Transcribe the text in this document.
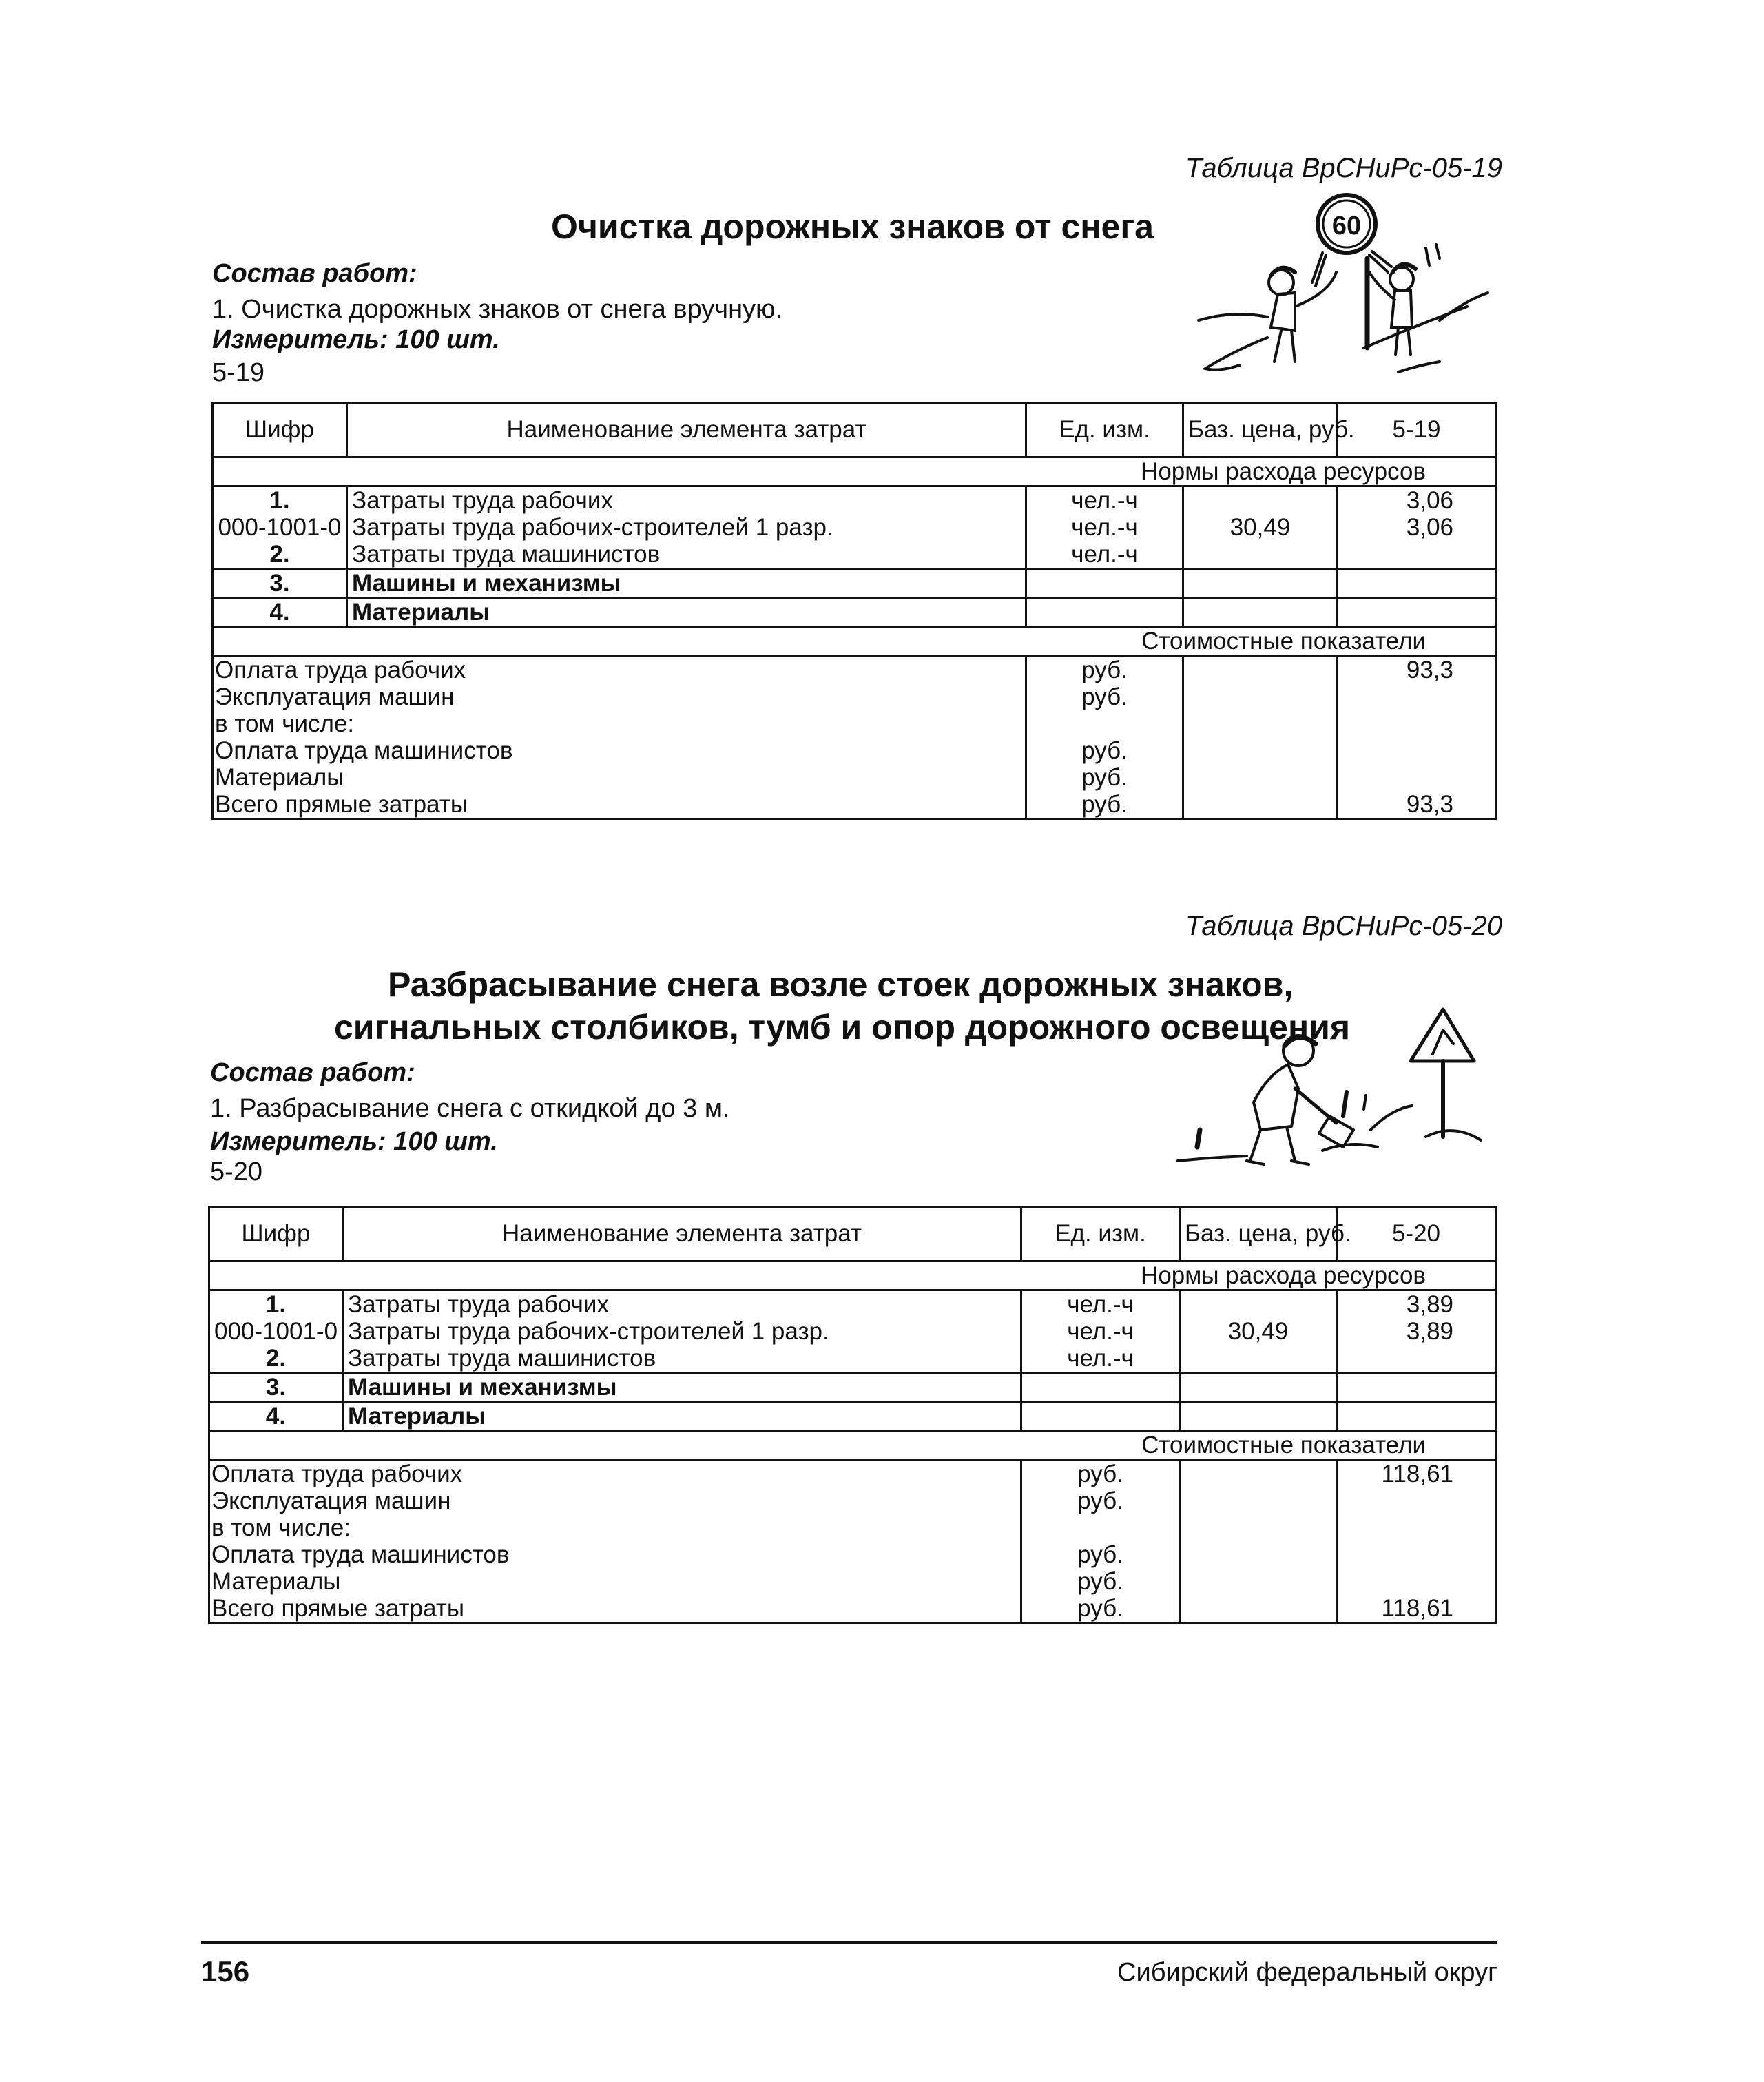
Таблица ВрСНиРс-05-19
Очистка дорожных знаков от снега
Состав работ:
1. Очистка дорожных знаков от снега вручную.
Измеритель: 100 шт.
5-19
60
Шифр	Наименование элемента затрат	Ед. изм.	Баз. цена, руб.	5-19
Нормы расхода ресурсов				
1.	Затраты труда рабочих	чел.-ч		3,06
000-1001-0	Затраты труда рабочих-строителей 1 разр.	чел.-ч	30,49	3,06
2.	Затраты труда машинистов	чел.-ч		
3.	Машины и механизмы			
4.	Материалы			
Стоимостные показатели				
Оплата труда рабочих		руб.		93,3
Эксплуатация машин		руб.		
в том числе:				
Оплата труда машинистов		руб.		
Материалы		руб.		
Всего прямые затраты		руб.		93,3
Таблица ВрСНиРс-05-20
Разбрасывание снега возле стоек дорожных знаков,
сигнальных столбиков, тумб и опор дорожного освещения
Состав работ:
1. Разбрасывание снега с откидкой до 3 м.
Измеритель: 100 шт.
5-20
Шифр	Наименование элемента затрат	Ед. изм.	Баз. цена, руб.	5-20
Нормы расхода ресурсов				
1.	Затраты труда рабочих	чел.-ч		3,89
000-1001-0	Затраты труда рабочих-строителей 1 разр.	чел.-ч	30,49	3,89
2.	Затраты труда машинистов	чел.-ч		
3.	Машины и механизмы			
4.	Материалы			
Стоимостные показатели				
Оплата труда рабочих		руб.		118,61
Эксплуатация машин		руб.		
в том числе:				
Оплата труда машинистов		руб.		
Материалы		руб.		
Всего прямые затраты		руб.		118,61
156	Сибирский федеральный округ
